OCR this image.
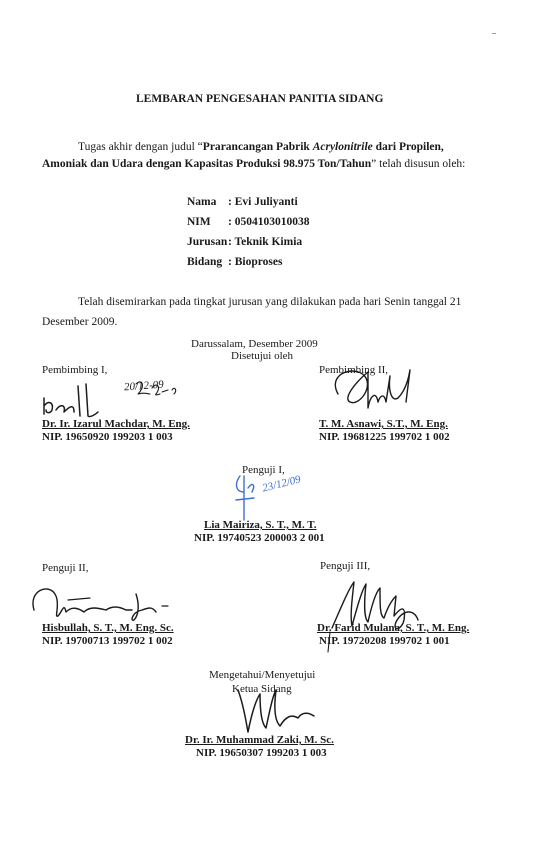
LEMBARAN PENGESAHAN PANITIA SIDANG
Tugas akhir dengan judul “Prarancangan Pabrik Acrylonitrile dari Propilen,
Amoniak dan Udara dengan Kapasitas Produksi 98.975 Ton/Tahun” telah disusun oleh:
Nama : Evi Juliyanti
NIM : 0504103010038
Jurusan : Teknik Kimia
Bidang : Bioproses
Telah disemirarkan pada tingkat jurusan yang dilakukan pada hari Senin tanggal 21
Desember 2009.
Darussalam, Desember 2009
Disetujui oleh
Pembimbing I,
Dr. Ir. Izarul Machdar, M. Eng.
NIP. 19650920 199203 1 003
Pembimbing II,
T. M. Asnawi, S.T., M. Eng.
NIP. 19681225 199702 1 002
Penguji I,
23/12/09
Lia Mairiza, S. T., M. T.
NIP. 19740523 200003 2 001
Penguji II,
Hisbullah, S. T., M. Eng. Sc.
NIP. 19700713 199702 1 002
Penguji III,
Dr. Farid Mulana, S. T., M. Eng.
NIP. 19720208 199702 1 001
Mengetahui/Menyetujui
Ketua Sidang
Dr. Ir. Muhammad Zaki, M. Sc.
NIP. 19650307 199203 1 003
20/12-09
